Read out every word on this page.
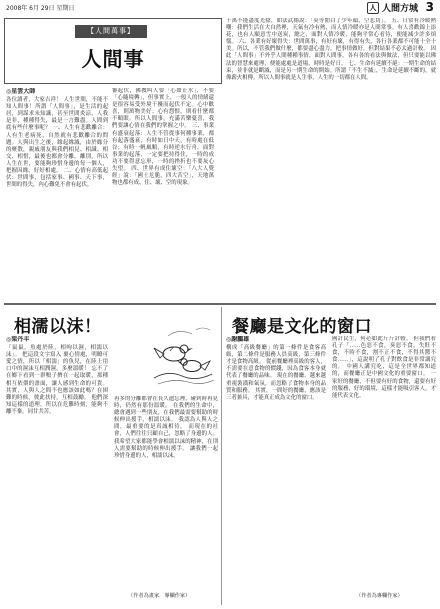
2008年 6月 29日 星期日	人 人間方城 3
【人間萬事】
人間事
◎星雲大師
各位讀者，大家吉祥！ 人生世間，不能不知人間事！所謂「人間事」，是生活的起居，到謀求未知識，甚至世間炎涼，人我是非，種種得失，最是一言難盡。人間到底有些什麼事呢？ 一、人生有悲歡離合：人有生老病死，自然就有悲歡離合的問題。人與出生之後，緣起緣滅，由於緣分的聚散，親戚朋友與我們相見、相識、相交、相惜，最後也都會分離，離別，所以人生在世，要能夠珍惜身邊的每一個人，把握因緣，好好相處。 二、心情有高低起伏：世間事，包括家事、國事、天下事，世間的得失，內心難免不會有起伏。
審起伏，佛教叫人要「心如止水」，不要「心隨境轉」，但事實上，一般人的情緒還是很容易受外境干擾而起伏不定。心中歡喜，則萬物美好；心有怨恨，則看什麼都不順眼。所以人間事，充滿苦樂憂喜，我們要讓心情在我們的掌握之中。 三、事業有盛衰起落：人生不管從事何種事業，都有起落盛衰，有時如日中天，有時處在低谷；有時一帆風順，有時逆水行舟。面對事業的起落，一定要把持得住，一時的成功不要得意忘形，一時的挫折也不要灰心失望。 四、世界有成住壞空：「八大人覺經」說：「國土危脆，四大苦空」，天地萬物也都有成、住、壞、空的現象。
千萬不能盡度光陰，如法武揚說：「莫等閒白了少年頭，空悲切」。 五、日常有冷暖熱嘲：我們生活在大自然裡，天氣有冷有熱，而人情冷暖亦是人間常事。有人喜歡錦上添花，也有人願意雪中送炭，總之，面對人情冷暖，能夠平常心看待，便能減少許多煩惱。 六、各業有好壞得失：世間萬事，有好有壞，有得有失，各行各業都不可能十全十美。所以，不管我們做什麼，都要盡心盡力，把事情做好，但對結果不必太過計較。 因此「人間事」不外乎人間種種事情，面對人間事，各有各的看法與做法，但只要能以佛法的智慧來處理，便能處處是道場，時時是好日。 七、生命有延續不絕：一期生命的結束，並非就是斷滅，而是另一期生命的開始。所謂「不生不滅」，生命是延續不斷的，就像薪火相傳。所以人間事就是人生事，人生的一切都在人間。
相濡以沫！
◎梁丹丰
「鼠鼠，魚處於陸，相呴以濕，相濡以沫」。 把這段文字寫入 裹心情處，明瞭可愛之情，所以「相濡」的魚兒，在陸上用口中的濕沫互相潤濕，多麼溫暖！ 忘不了在鄉下看到一群鴨子擠在一起取暖，那種相互依偎的畫面，讓人感到生命的可貴。其實，人與人之間不也應該如此嗎？在困難的時候，彼此扶持，互相鼓勵。 他們深知這樣的道理，所以在危難時刻，能夠不離不棄，同甘共苦。
再多的分離都會在長久遺忘裡，碰到時再見時，仍然有那份溫暖。 在我們的生命中，總會遇到一些朋友，在我們最需要幫助的時候伸出援手，相濡以沫。 我認為人與人之間，最重要的是真誠相待。 而現在的社會，人們往往只顧自己，忽略了身邊的人。 我希望大家都能學會相濡以沫的精神，在別人需要幫助的時候伸出援手。 讓我們一起珍惜身邊的人，相濡以沫。
（作者為畫家．專欄作家）
餐廳是文化的窗口
◎謝鵬雄
構成「高級餐廳」的第一條件是食客高級，第二條件是服務人員高級，第三條件才是食物高級。 從前餐廳裡高級的客人，不需要在意食物的價錢，因為食客本身就代表了餐廳的品味。 現在的餐廳，越來越重視裝潢和氣氛，而忽略了食物本身的品質和服務。 其實，一間好的餐廳，應該是三者兼具，才能真正成為文化的窗口。
國計民生，何必如此斤斤計較。 但我們看孔子「……色惡不食，臭惡不食，失飪不食，不時不食，割不正不食，不得其醬不食……」，這說明了孔子對飲食是非常講究的。 中國人講究吃，這是全世界都知道的，而餐廳正是中國文化的重要窗口。 一家好的餐廳，不但要有好的食物，還要有好的服務，好的環境，這樣才能吸引客人，才能代表文化。
（作者為專欄作家）
